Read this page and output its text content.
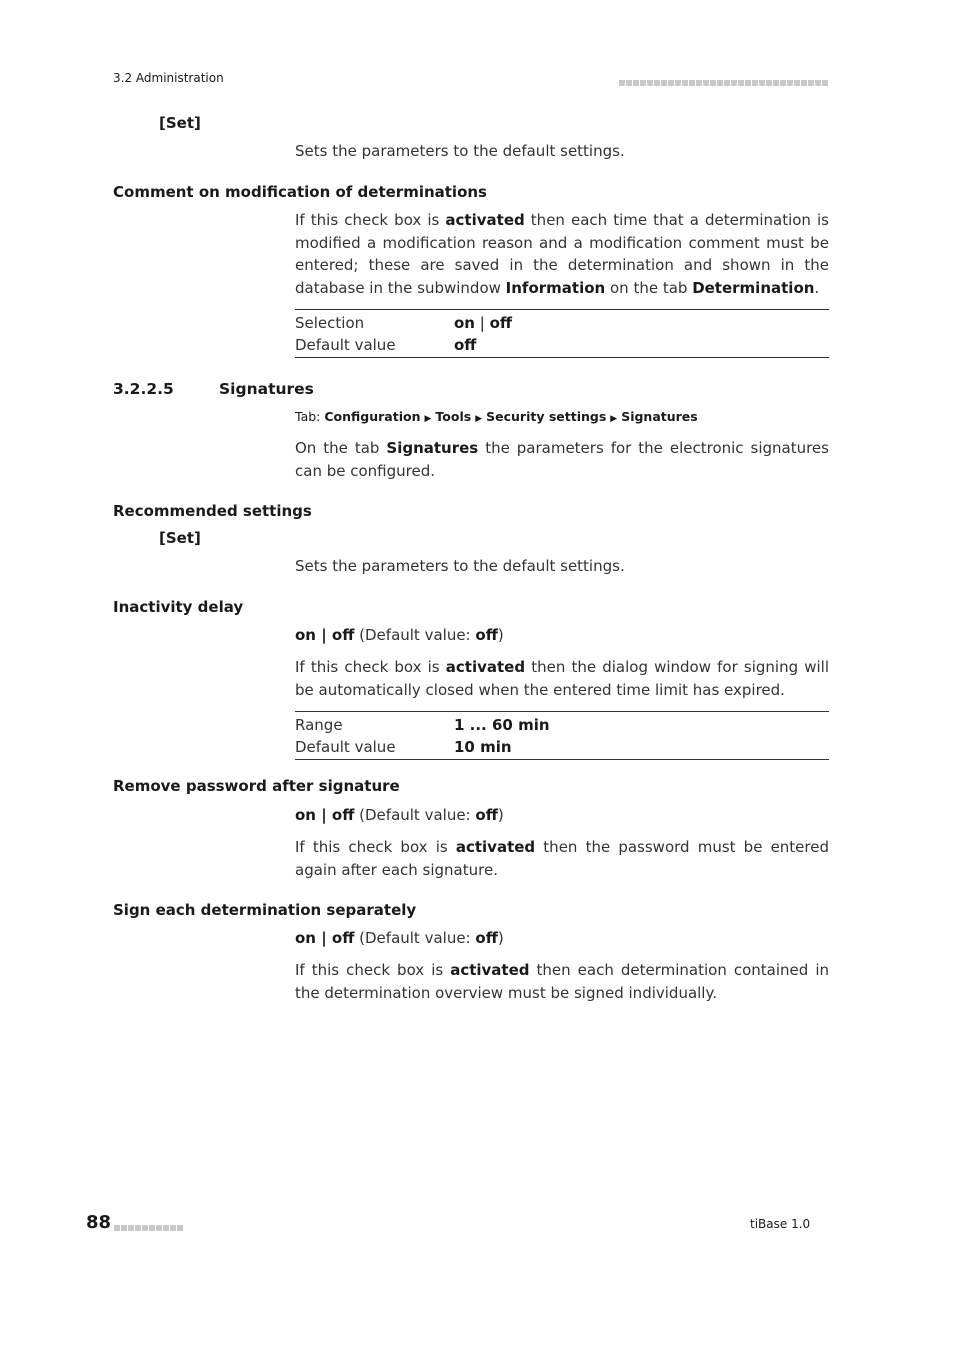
3.2 Administration
[Set]
Sets the parameters to the default settings.
Comment on modification of determinations
If this check box is activated then each time that a determination is modified a modification reason and a modification comment must be entered; these are saved in the determination and shown in the database in the subwindow Information on the tab Determination.
Selection	on | off
Default value	off
3.2.2.5	Signatures
Tab: Configuration ▶ Tools ▶ Security settings ▶ Signatures
On the tab Signatures the parameters for the electronic signatures can be configured.
Recommended settings
[Set]
Sets the parameters to the default settings.
Inactivity delay
on | off (Default value: off)
If this check box is activated then the dialog window for signing will be automatically closed when the entered time limit has expired.
Range	1 ... 60 min
Default value	10 min
Remove password after signature
on | off (Default value: off)
If this check box is activated then the password must be entered again after each signature.
Sign each determination separately
on | off (Default value: off)
If this check box is activated then each determination contained in the determination overview must be signed individually.
88	tiBase 1.0
